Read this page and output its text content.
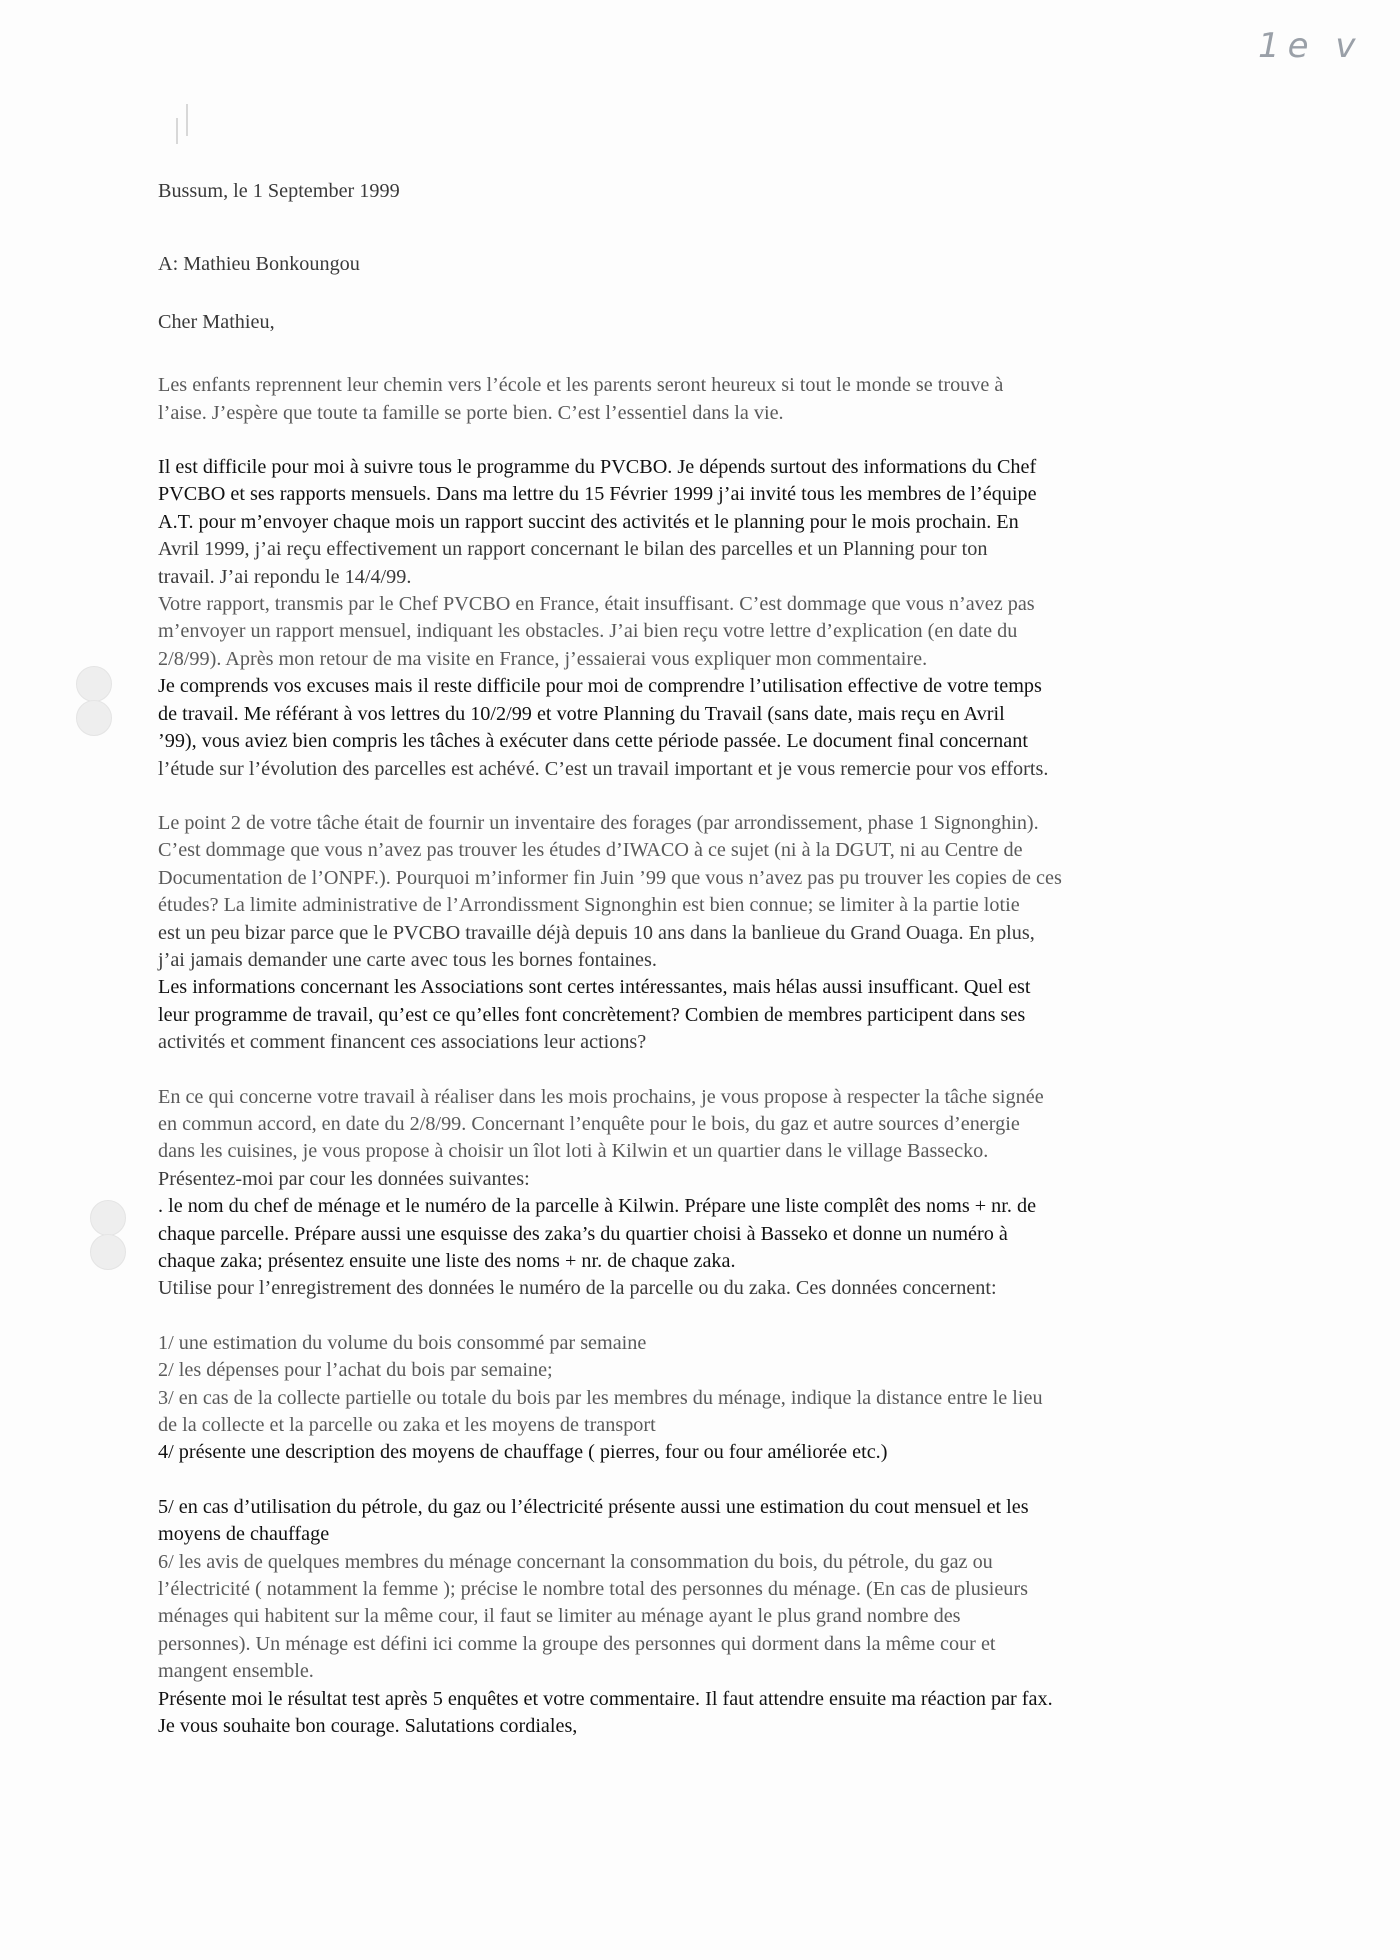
1e v
Bussum, le 1 September 1999
A: Mathieu Bonkoungou
Cher Mathieu,
Les enfants reprennent leur chemin vers l’école et les parents seront heureux si tout le monde se trouve à
l’aise. J’espère que toute ta famille se porte bien. C’est l’essentiel dans la vie.
Il est difficile pour moi à suivre tous le programme du PVCBO. Je dépends surtout des informations du Chef
PVCBO et ses rapports mensuels. Dans ma lettre du 15 Février 1999 j’ai invité tous les membres de l’équipe
A.T. pour m’envoyer chaque mois un rapport succint des activités et le planning pour le mois prochain. En
Avril 1999, j’ai reçu effectivement un rapport concernant le bilan des parcelles et un Planning pour ton
travail. J’ai repondu le 14/4/99.
Votre rapport, transmis par le Chef PVCBO en France, était insuffisant. C’est dommage que vous n’avez pas
m’envoyer un rapport mensuel, indiquant les obstacles. J’ai bien reçu votre lettre d’explication (en date du
2/8/99). Après mon retour de ma visite en France, j’essaierai vous expliquer mon commentaire.
Je comprends vos excuses mais il reste difficile pour moi de comprendre l’utilisation effective de votre temps
de travail. Me référant à vos lettres du 10/2/99 et votre Planning du Travail (sans date, mais reçu en Avril
’99), vous aviez bien compris les tâches à exécuter dans cette période passée. Le document final concernant
l’étude sur l’évolution des parcelles est achévé. C’est un travail important et je vous remercie pour vos efforts.
Le point 2 de votre tâche était de fournir un inventaire des forages (par arrondissement, phase 1 Signonghin).
C’est dommage que vous n’avez pas trouver les études d’IWACO à ce sujet (ni à la DGUT, ni au Centre de
Documentation de l’ONPF.). Pourquoi m’informer fin Juin ’99 que vous n’avez pas pu trouver les copies de ces
études? La limite administrative de l’Arrondissment Signonghin est bien connue; se limiter à la partie lotie
est un peu bizar parce que le PVCBO travaille déjà depuis 10 ans dans la banlieue du Grand Ouaga. En plus,
j’ai jamais demander une carte avec tous les bornes fontaines.
Les informations concernant les Associations sont certes intéressantes, mais hélas aussi insufficant. Quel est
leur programme de travail, qu’est ce qu’elles font concrètement? Combien de membres participent dans ses
activités et comment financent ces associations leur actions?
En ce qui concerne votre travail à réaliser dans les mois prochains, je vous propose à respecter la tâche signée
en commun accord, en date du 2/8/99. Concernant l’enquête pour le bois, du gaz et autre sources d’energie
dans les cuisines, je vous propose à choisir un îlot loti à Kilwin et un quartier dans le village Bassecko.
Présentez-moi par cour les données suivantes:
. le nom du chef de ménage et le numéro de la parcelle à Kilwin. Prépare une liste complêt des noms + nr. de
chaque parcelle. Prépare aussi une esquisse des zaka’s du quartier choisi à Basseko et donne un numéro à
chaque zaka; présentez ensuite une liste des noms + nr. de chaque zaka.
Utilise pour l’enregistrement des données le numéro de la parcelle ou du zaka. Ces données concernent:
1/ une estimation du volume du bois consommé par semaine
2/ les dépenses pour l’achat du bois par semaine;
3/ en cas de la collecte partielle ou totale du bois par les membres du ménage, indique la distance entre le lieu
de la collecte et la parcelle ou zaka et les moyens de transport
4/ présente une description des moyens de chauffage ( pierres, four ou four améliorée etc.)
5/ en cas d’utilisation du pétrole, du gaz ou l’électricité présente aussi une estimation du cout mensuel et les
moyens de chauffage
6/ les avis de quelques membres du ménage concernant la consommation du bois, du pétrole, du gaz ou
l’électricité ( notamment la femme ); précise le nombre total des personnes du ménage. (En cas de plusieurs
ménages qui habitent sur la même cour, il faut se limiter au ménage ayant le plus grand nombre des
personnes). Un ménage est défini ici comme la groupe des personnes qui dorment dans la même cour et
mangent ensemble.
Présente moi le résultat test après 5 enquêtes et votre commentaire. Il faut attendre ensuite ma réaction par fax.
Je vous souhaite bon courage. Salutations cordiales,
